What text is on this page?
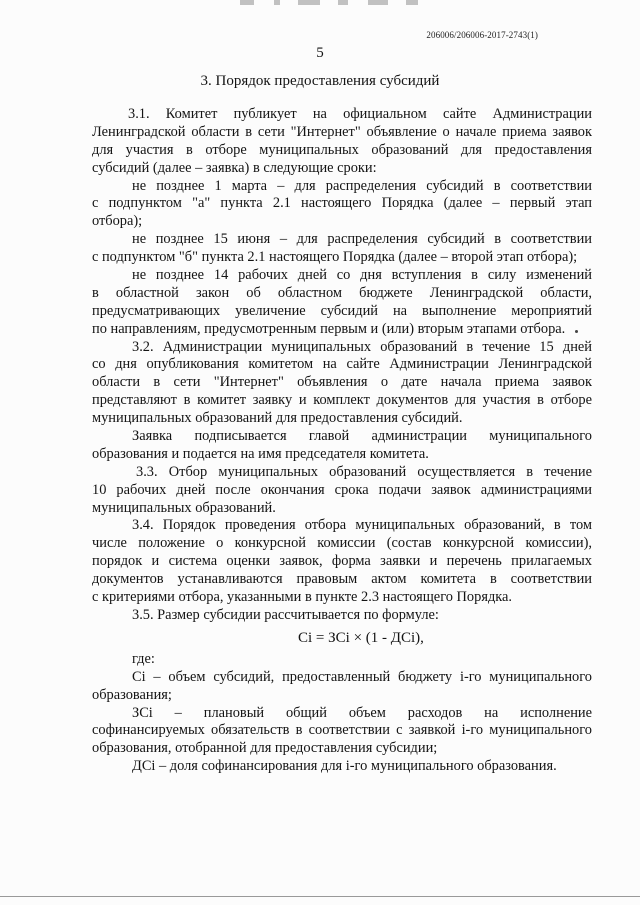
206006/206006-2017-2743(1)
5
3. Порядок предоставления субсидий
3.1. Комитет публикует на официальном сайте Администрации
Ленинградской области в сети "Интернет" объявление о начале приема заявок
для участия в отборе муниципальных образований для предоставления
субсидий (далее – заявка) в следующие сроки:
не позднее 1 марта – для распределения субсидий в соответствии
с подпунктом "а" пункта 2.1 настоящего Порядка (далее – первый этап
отбора);
не позднее 15 июня – для распределения субсидий в соответствии
с подпунктом "б" пункта 2.1 настоящего Порядка (далее – второй этап отбора);
не позднее 14 рабочих дней со дня вступления в силу изменений
в областной закон об областном бюджете Ленинградской области,
предусматривающих увеличение субсидий на выполнение мероприятий
по направлениям, предусмотренным первым и (или) вторым этапами отбора.
3.2. Администрации муниципальных образований в течение 15 дней
со дня опубликования комитетом на сайте Администрации Ленинградской
области в сети "Интернет" объявления о дате начала приема заявок
представляют в комитет заявку и комплект документов для участия в отборе
муниципальных образований для предоставления субсидий.
Заявка подписывается главой администрации муниципального
образования и подается на имя председателя комитета.
3.3. Отбор муниципальных образований осуществляется в течение
10 рабочих дней после окончания срока подачи заявок администрациями
муниципальных образований.
3.4. Порядок проведения отбора муниципальных образований, в том
числе положение о конкурсной комиссии (состав конкурсной комиссии),
порядок и система оценки заявок, форма заявки и перечень прилагаемых
документов устанавливаются правовым актом комитета в соответствии
с критериями отбора, указанными в пункте 2.3 настоящего Порядка.
3.5. Размер субсидии рассчитывается по формуле:
Сi = ЗСi × (1 - ДСi),
где:
Сi – объем субсидий, предоставленный бюджету i-го муниципального
образования;
ЗСi – плановый общий объем расходов на исполнение
софинансируемых обязательств в соответствии с заявкой i-го муниципального
образования, отобранной для предоставления субсидии;
ДСi – доля софинансирования для i-го муниципального образования.
